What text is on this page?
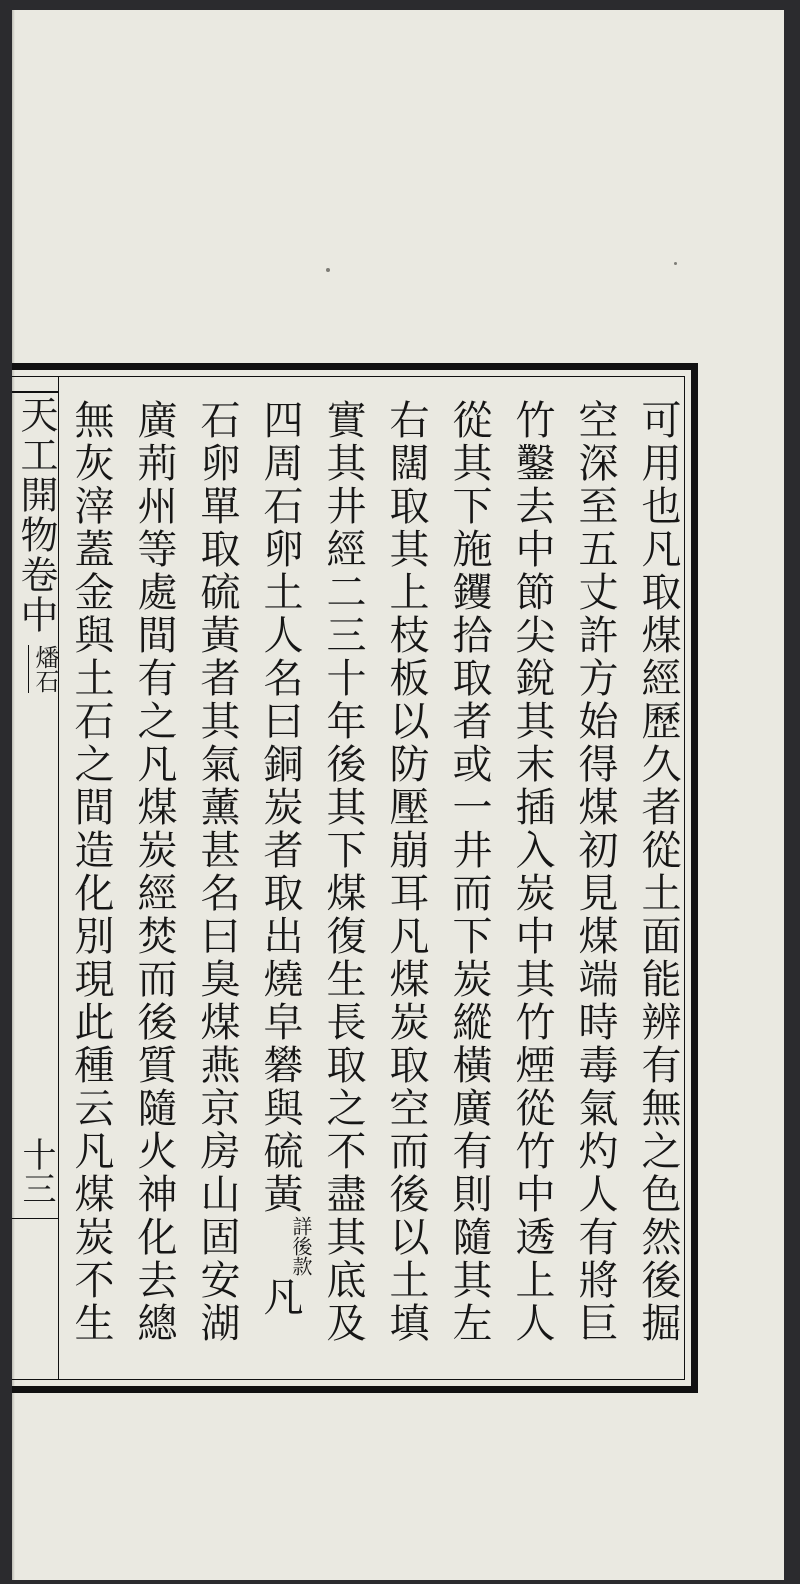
天工開物卷中
燔石
十三	可用也凡取煤經歷久者從土面能辨有無之色然後掘
空深至五丈許方始得煤初見煤端時毒氣灼人有將巨
竹鑿去中節尖銳其末插入炭中其竹煙從竹中透上人
從其下施钁拾取者或一井而下炭縱橫廣有則隨其左
右闊取其上枝板以防壓崩耳凡煤炭取空而後以土填
實其井經二三十年後其下煤復生長取之不盡其底及
四周石卵土人名曰銅炭者取出燒皁礬與硫黃詳後款凡
石卵單取硫黃者其氣薰甚名曰臭煤燕京房山固安湖
廣荊州等處間有之凡煤炭經焚而後質隨火神化去總
無灰滓蓋金與土石之間造化別現此種云凡煤炭不生
